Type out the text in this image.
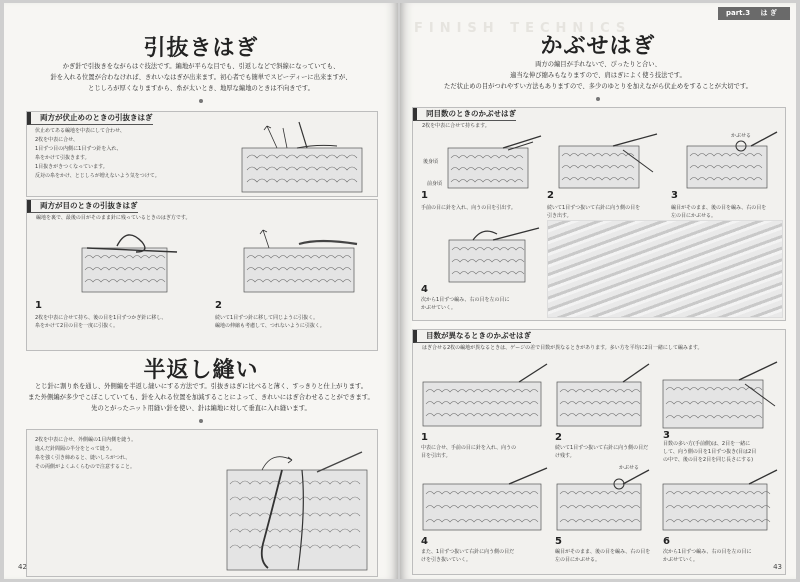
引抜きはぎ
かぎ針で引抜きをながらはぐ技法です。編地が平らな目でも、引返しなどで斜線になっていても、
針を入れる位置が合わなければ、きれいなはぎが出来ます。初心者でも簡単でスピーディーに出来ますが、
とじしろが厚くなりますから、糸が太いとき、地厚な編地のときは不向きです。
両方が伏止めのときの引抜きはぎ
伏止めてある編地を中表にして合わせ、
2枚を中表に合せ、
1目ずつ目の内側に1目ずつ針を入れ、
糸をかけて引抜きます。
1目抜きがきつくなっています。
反対の糸をかけ、とじしろが増えないよう気をつけて。
両方が目のときの引抜きはぎ
編地を裏で、最後の目がそのまま針に残っているときのはぎ方です。
1
2枚を中表に合せて持ち、後の目を1目ずつかぎ針に移し、
糸をかけて2目の目を一度に引抜く。
2
続いて1目ずつ針に移して同じように引抜く。
編地の伸縮も考慮して、つれないように引抜く。
半返し縫い
とじ針に割り糸を通し、外側編を半返し縫いにする方法です。引抜きはぎに比べると薄く、すっきりと仕上がります。
また外側編が多少でこぼこしていても、針を入れる位置を加減することによって、きれいにはぎ合わせることができます。
先のとがったニット用縫い針を使い、針は編地に対して垂直に入れ縫います。
2枚を中表に合せ、外側編の1目内側を縫う。
進んだ針間隔の半分をとって縫う。
糸を強く引き締めると、縫いしろがつれ、
その両側がよくふくらむので注意すること。
42
part.3 は ぎ
FINISH TECHNICS
かぶせはぎ
両方の編目が手れないで、ぴったりと合い、
適当な伸び縮みもなりますので、肩はぎによく使う技法です。
ただ状止めの目がつれやすい方法もありますので、多少のゆとりを加えながら伏止めをすることが大切です。
同目数のときのかぶせはぎ
2枚を中表に合せて持ちます。
後身頃
前身頃
かぶせる
1
手前の目に針を入れ、向うの目を引出す。
2
続いて1目ずつ抜いて右針に向う側の目を
引き出す。
3
編目がそのまま、後の目を編み、右の目を
左の目にかぶせる。
4
次から1目ずつ編み、右の目を左の目に
かぶせていく。
目数が異なるときのかぶせはぎ
はぎ合せる2枚の編地が異なるときは、ゲージの差で目数が異なるときがあります。多い方を平均に2目一緒にして編みます。
1
中表に合せ、手前の目に針を入れ、向うの
目を引出す。
2
続いて1目ずつ抜いて右針に向う側の目だ
け残す。
3
目数の多い方(手前側)は、2目を一緒に
して、向う側の目を1目ずつ抜き(目は2目
の中で、後の目を2目を同じ長さにする)
かぶせる
4
また、1目ずつ抜いて右針に向う側の目だ
けを引き抜いていく。
5
編目がそのまま、後の目を編み、右の目を
左の目にかぶせる。
6
次から1目ずつ編み、右の目を左の目に
かぶせていく。
43
